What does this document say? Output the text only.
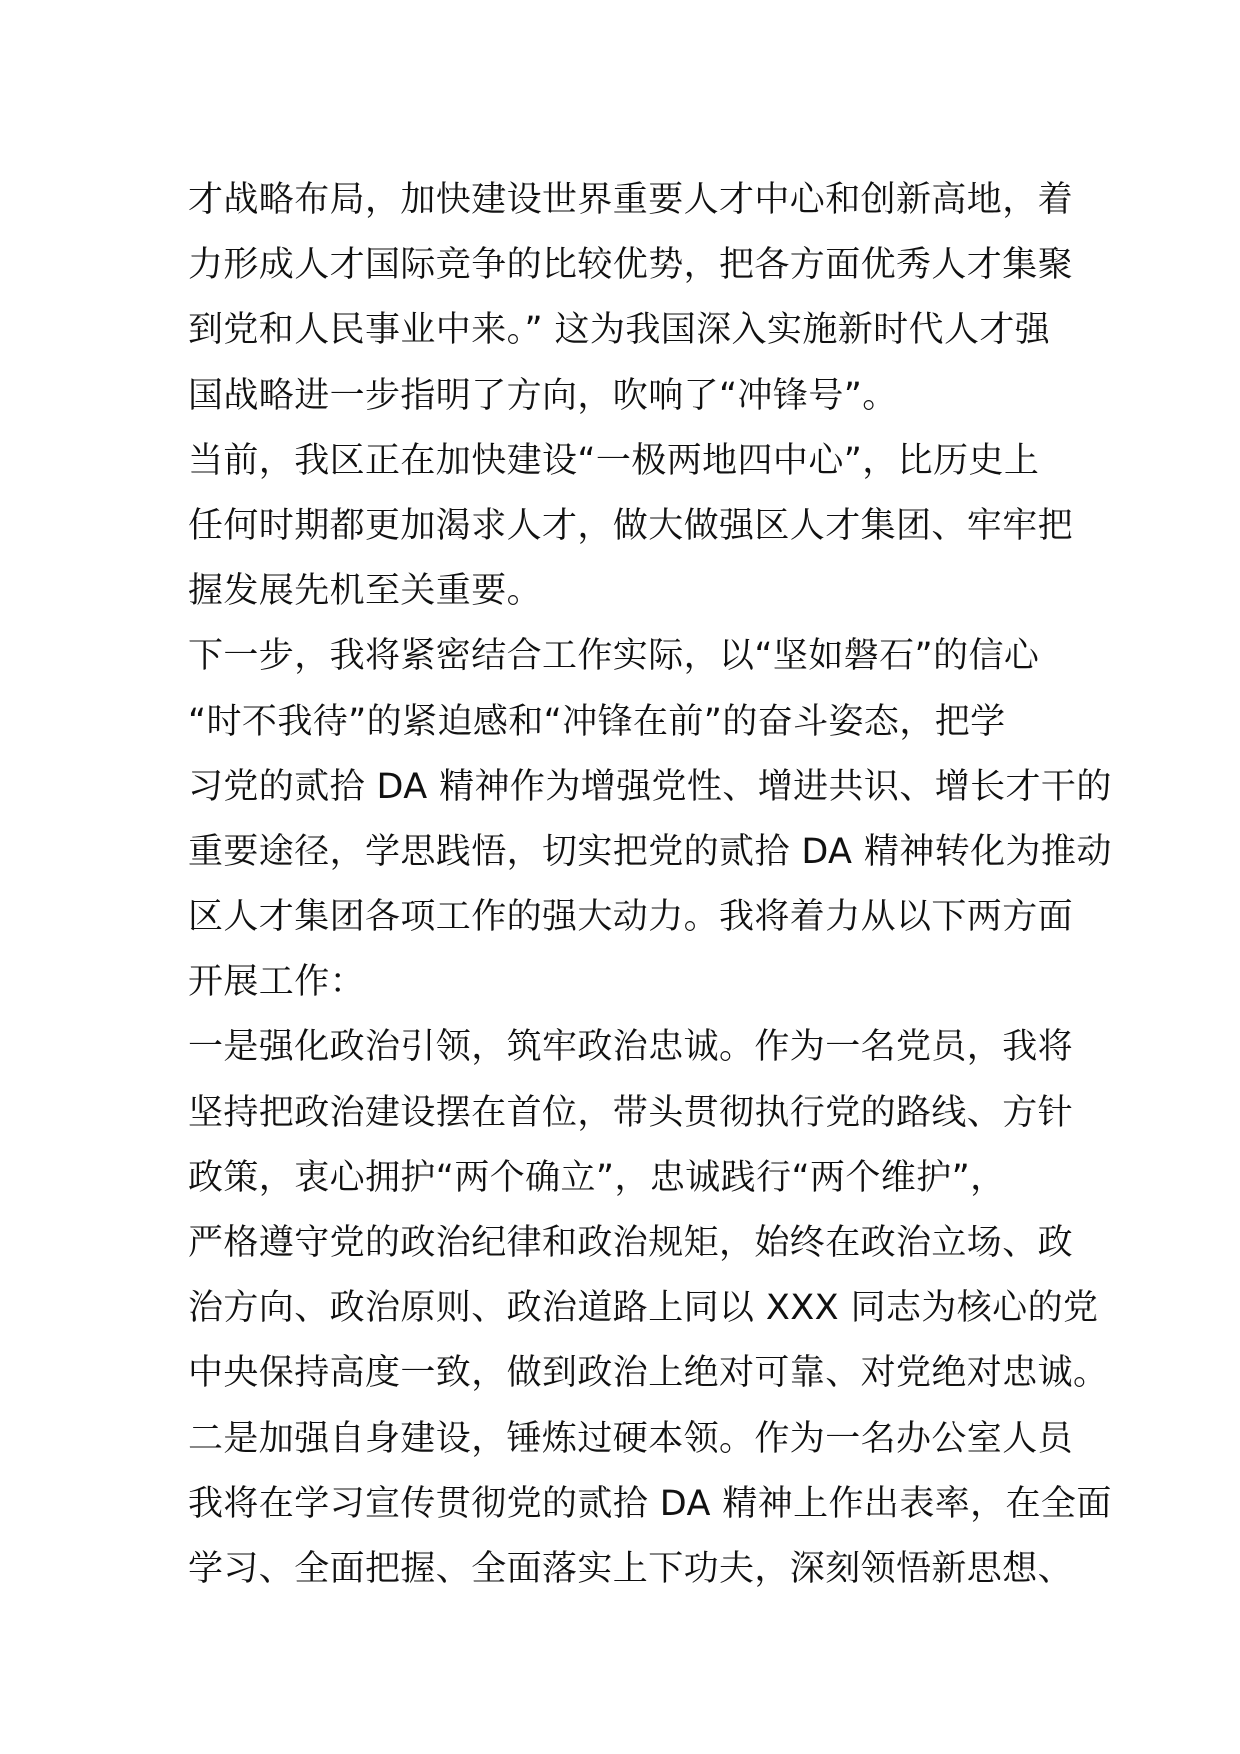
才战略布局，加快建设世界重要人才中心和创新高地，着
力形成人才国际竞争的比较优势，把各方面优秀人才集聚
到党和人民事业中来。” 这为我国深入实施新时代人才强
国战略进一步指明了方向，吹响了“冲锋号”。
当前，我区正在加快建设“一极两地四中心”，比历史上
任何时期都更加渴求人才，做大做强区人才集团、牢牢把
握发展先机至关重要。
下一步，我将紧密结合工作实际，以“坚如磐石”的信心
“时不我待”的紧迫感和“冲锋在前”的奋斗姿态，把学
习党的贰拾 DA 精神作为增强党性、增进共识、增长才干的
重要途径，学思践悟，切实把党的贰拾 DA 精神转化为推动
区人才集团各项工作的强大动力。我将着力从以下两方面
开展工作：
一是强化政治引领，筑牢政治忠诚。作为一名党员，我将
坚持把政治建设摆在首位，带头贯彻执行党的路线、方针
政策，衷心拥护“两个确立”，忠诚践行“两个维护”，
严格遵守党的政治纪律和政治规矩，始终在政治立场、政
治方向、政治原则、政治道路上同以 XXX 同志为核心的党
中央保持高度一致，做到政治上绝对可靠、对党绝对忠诚。
二是加强自身建设，锤炼过硬本领。作为一名办公室人员
我将在学习宣传贯彻党的贰拾 DA 精神上作出表率，在全面
学习、全面把握、全面落实上下功夫，深刻领悟新思想、
